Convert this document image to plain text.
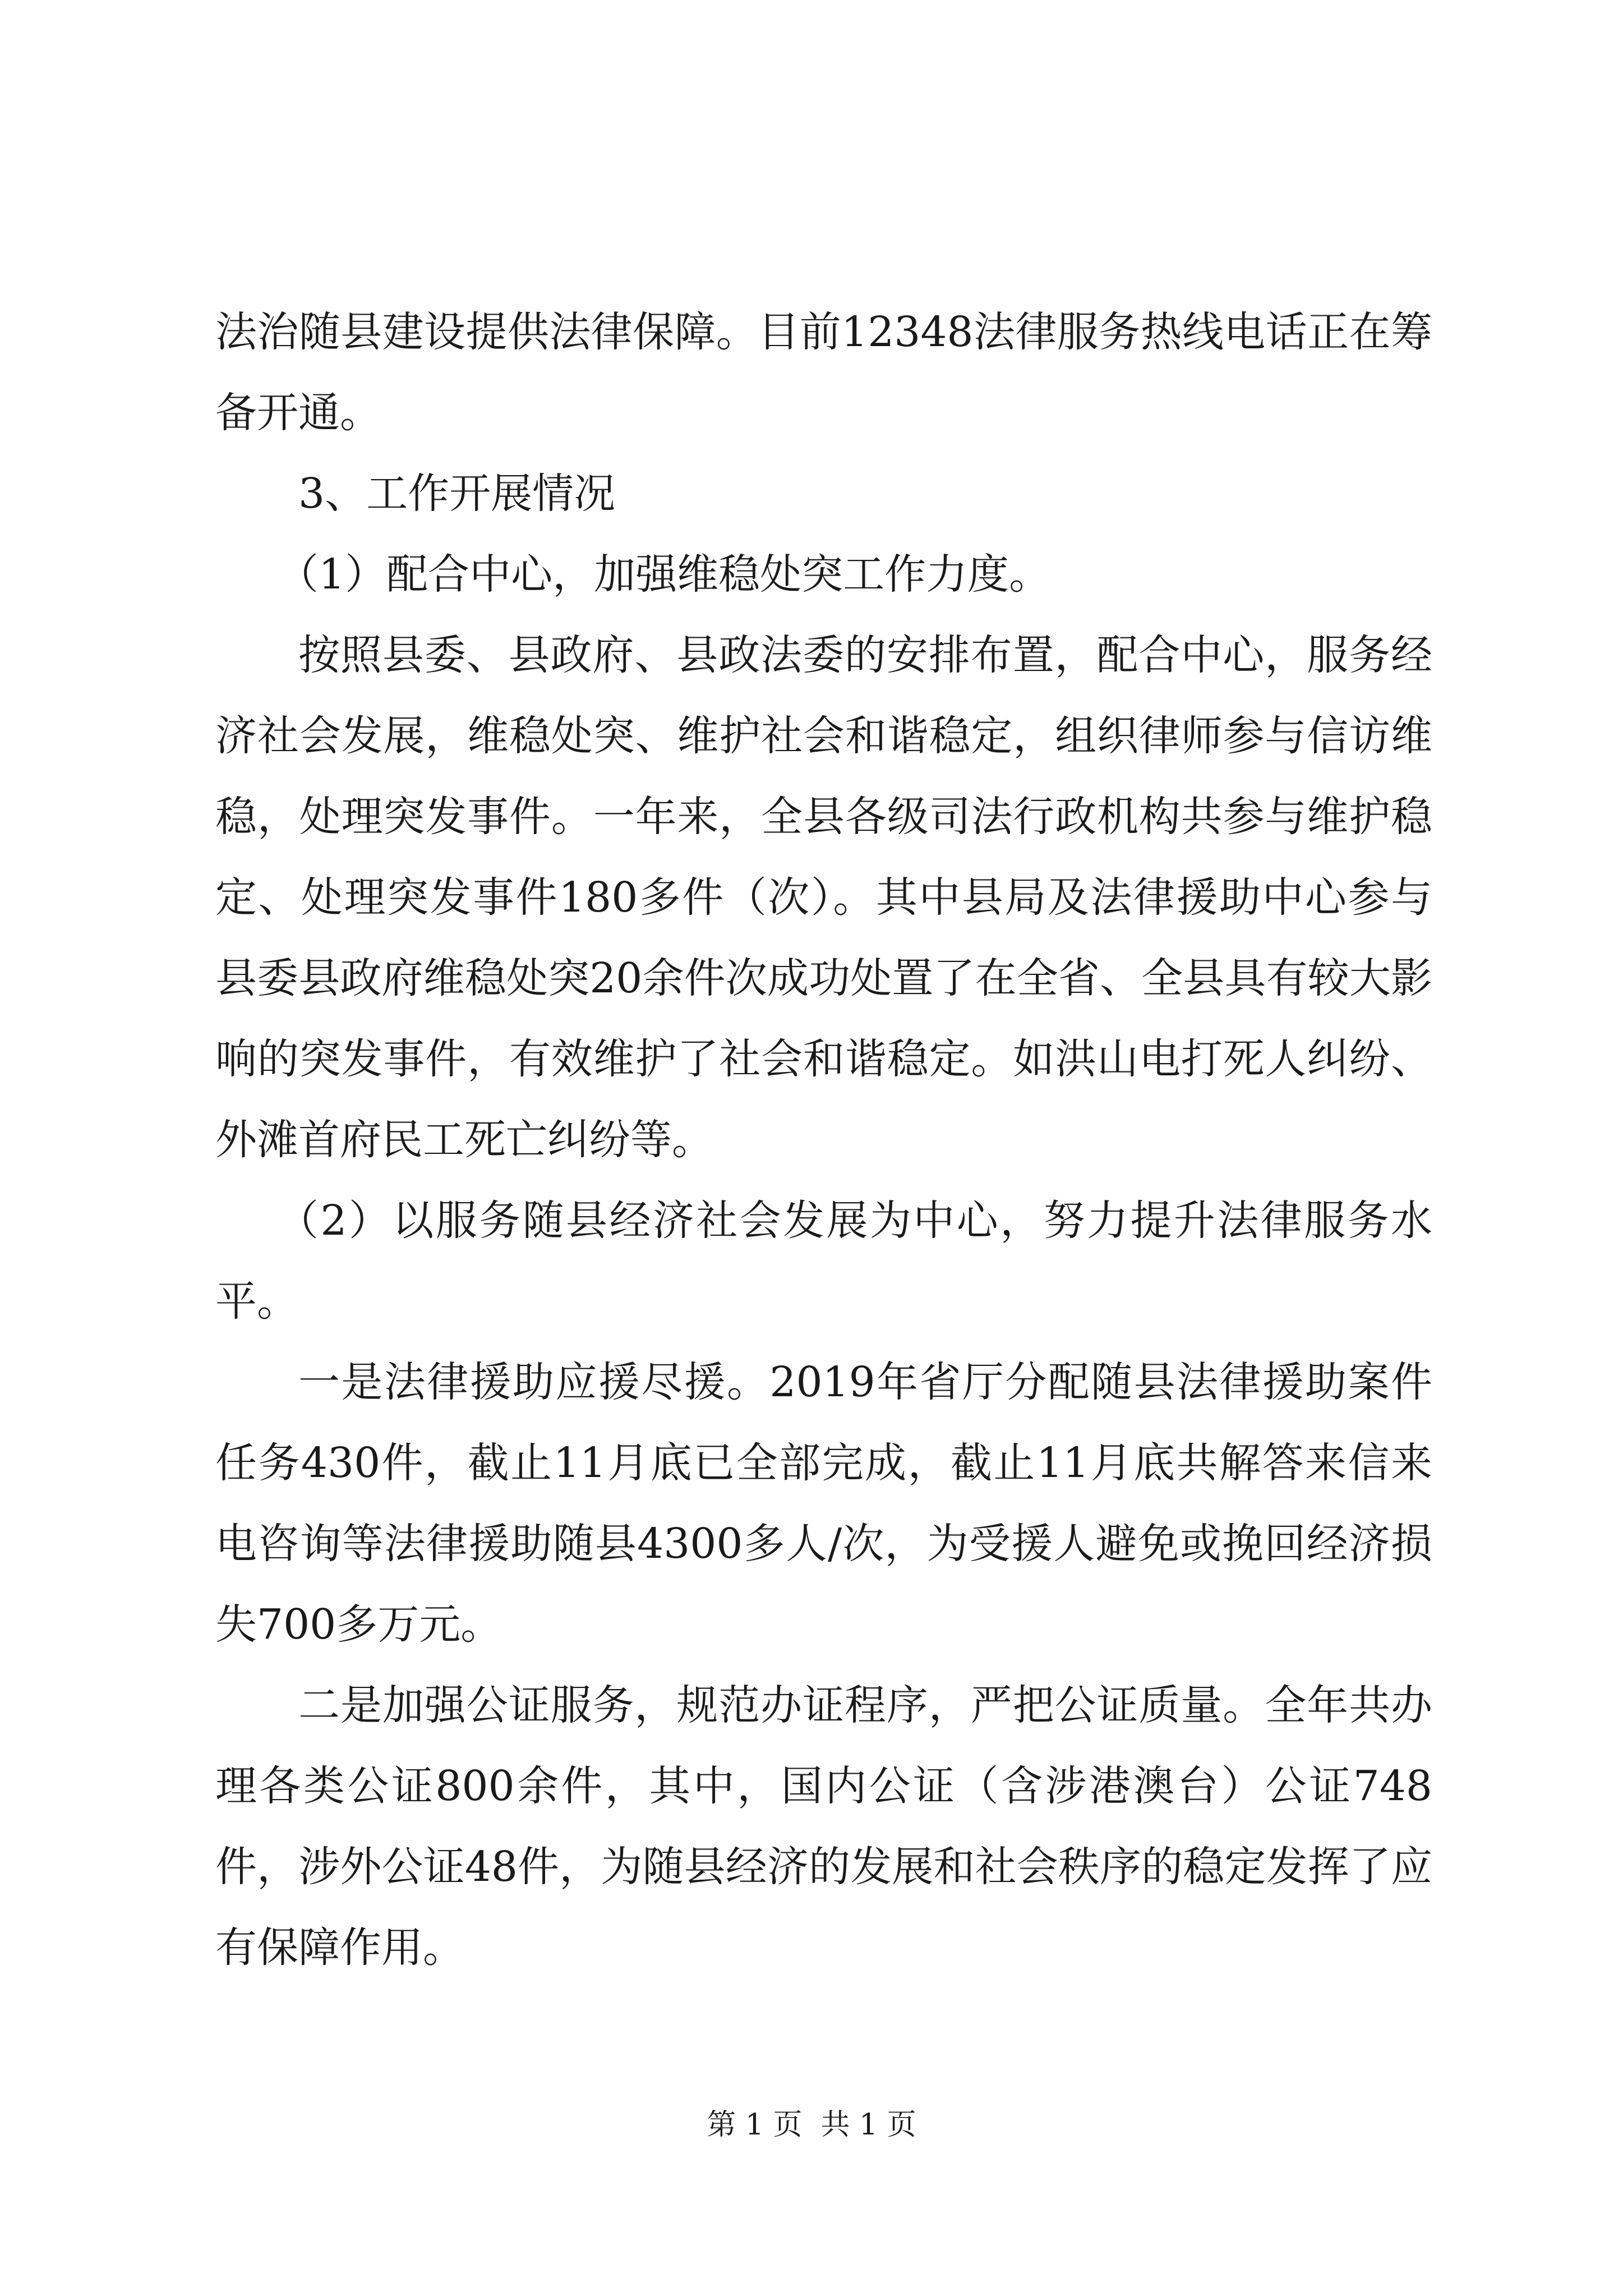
法治随县建设提供法律保障。目前12348法律服务热线电话正在筹备开通。

3、工作开展情况

（1）配合中心，加强维稳处突工作力度。

按照县委、县政府、县政法委的安排布置，配合中心，服务经济社会发展，维稳处突、维护社会和谐稳定，组织律师参与信访维稳，处理突发事件。一年来，全县各级司法行政机构共参与维护稳定、处理突发事件180多件（次）。其中县局及法律援助中心参与县委县政府维稳处突20余件次成功处置了在全省、全县具有较大影响的突发事件，有效维护了社会和谐稳定。如洪山电打死人纠纷、外滩首府民工死亡纠纷等。

（2）以服务随县经济社会发展为中心，努力提升法律服务水平。

一是法律援助应援尽援。2019年省厅分配随县法律援助案件任务430件，截止11月底已全部完成，截止11月底共解答来信来电咨询等法律援助随县4300多人/次，为受援人避免或挽回经济损失700多万元。

二是加强公证服务，规范办证程序，严把公证质量。全年共办理各类公证800余件，其中，国内公证（含涉港澳台）公证748件，涉外公证48件，为随县经济的发展和社会秩序的稳定发挥了应有保障作用。

第 1 页  共 1 页
